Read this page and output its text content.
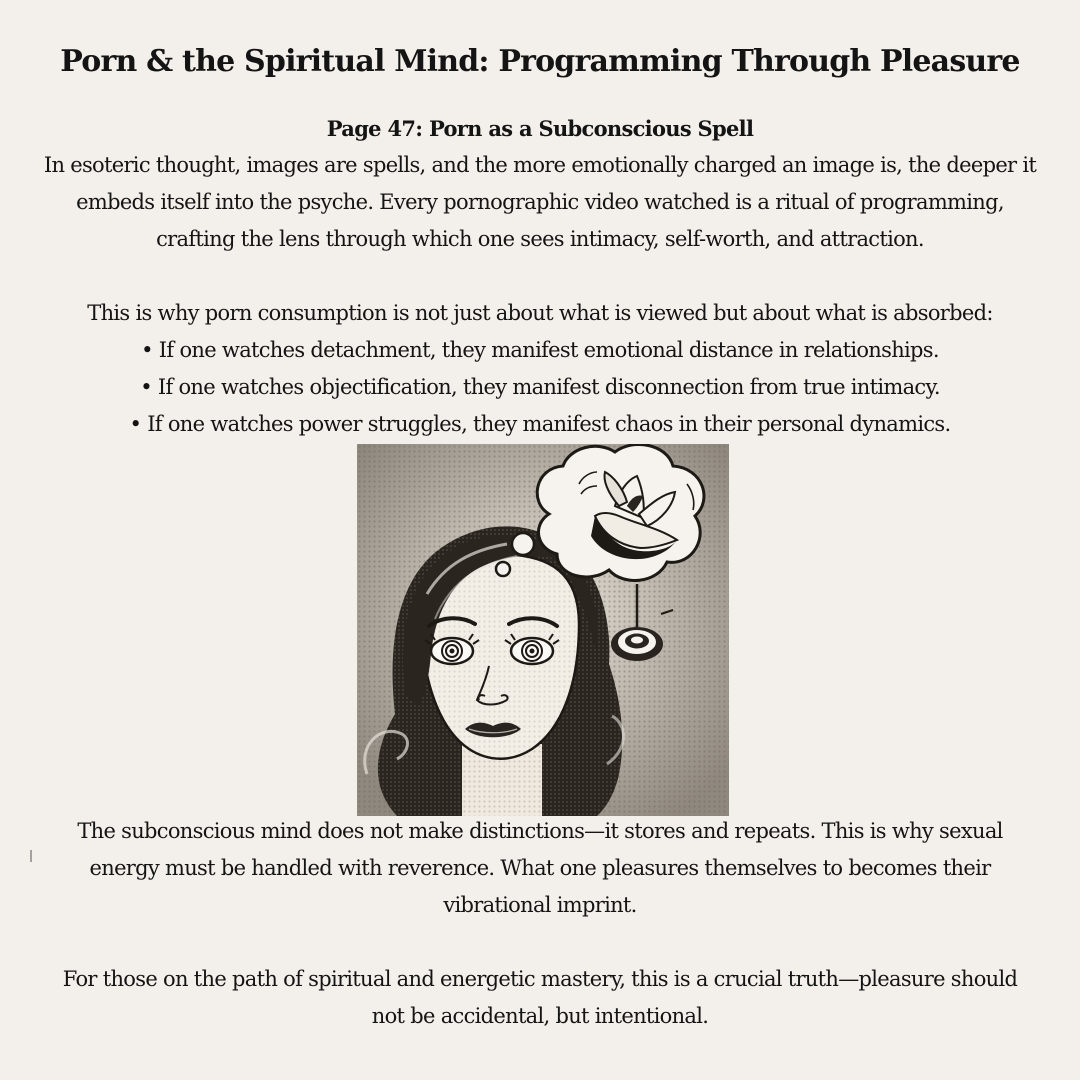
Porn & the Spiritual Mind: Programming Through Pleasure

Page 47: Porn as a Subconscious Spell

In esoteric thought, images are spells, and the more emotionally charged an image is, the deeper it

embeds itself into the psyche. Every pornographic video watched is a ritual of programming,

crafting the lens through which one sees intimacy, self-worth, and attraction.

This is why porn consumption is not just about what is viewed but about what is absorbed:

• If one watches detachment, they manifest emotional distance in relationships.

• If one watches objectification, they manifest disconnection from true intimacy.

• If one watches power struggles, they manifest chaos in their personal dynamics.

The subconscious mind does not make distinctions—it stores and repeats. This is why sexual

energy must be handled with reverence. What one pleasures themselves to becomes their

vibrational imprint.

For those on the path of spiritual and energetic mastery, this is a crucial truth—pleasure should

not be accidental, but intentional.
